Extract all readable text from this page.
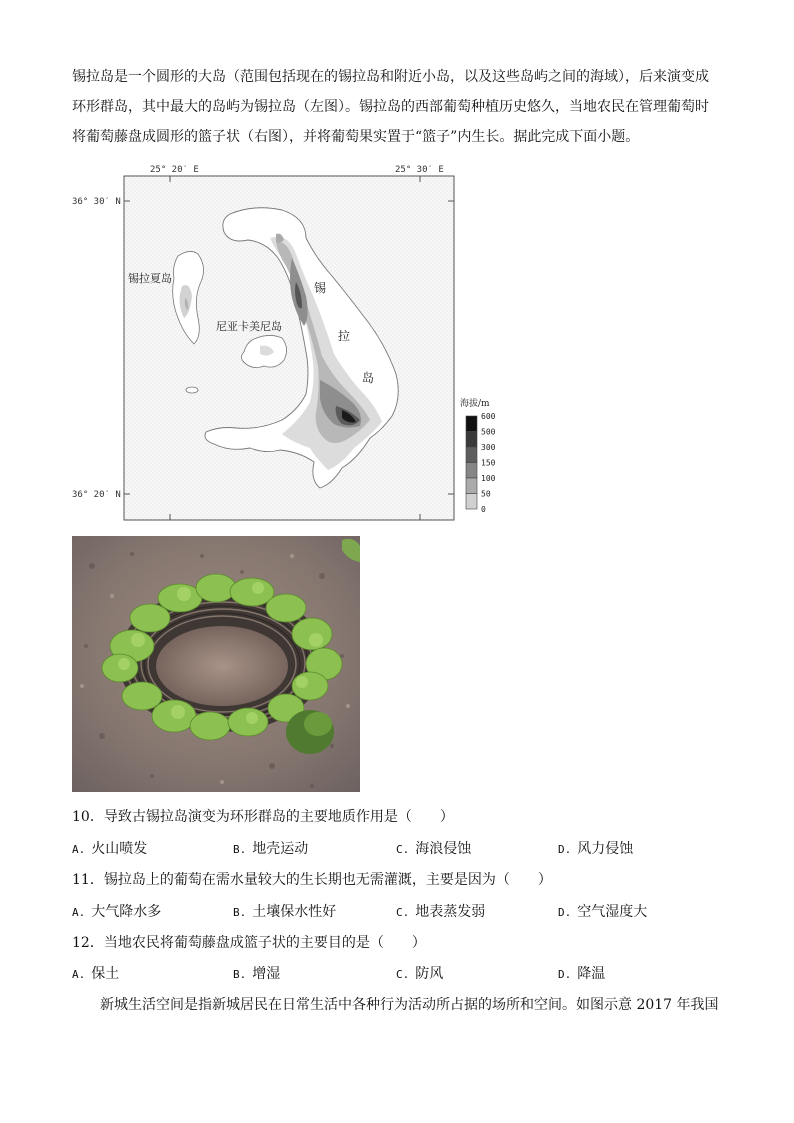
锡拉岛是一个圆形的大岛（范围包括现在的锡拉岛和附近小岛，以及这些岛屿之间的海域），后来演变成
环形群岛，其中最大的岛屿为锡拉岛（左图）。锡拉岛的西部葡萄种植历史悠久，当地农民在管理葡萄时
将葡萄藤盘成圆形的篮子状（右图），并将葡萄果实置于“篮子”内生长。据此完成下面小题。
25° 20′ E	25° 30′ E
36° 30′ N
36° 20′ N
锡拉夏岛
尼亚卡美尼岛
锡
拉
岛
海拔/m
600
500
300
150
100
50
0
10．导致古锡拉岛演变为环形群岛的主要地质作用是（　　）
A. 火山喷发	B. 地壳运动	C. 海浪侵蚀	D. 风力侵蚀
11．锡拉岛上的葡萄在需水量较大的生长期也无需灌溉，主要是因为（　　）
A. 大气降水多	B. 土壤保水性好	C. 地表蒸发弱	D. 空气湿度大
12．当地农民将葡萄藤盘成篮子状的主要目的是（　　）
A. 保土	B. 增湿	C. 防风	D. 降温
新城生活空间是指新城居民在日常生活中各种行为活动所占据的场所和空间。如图示意 2017 年我国
